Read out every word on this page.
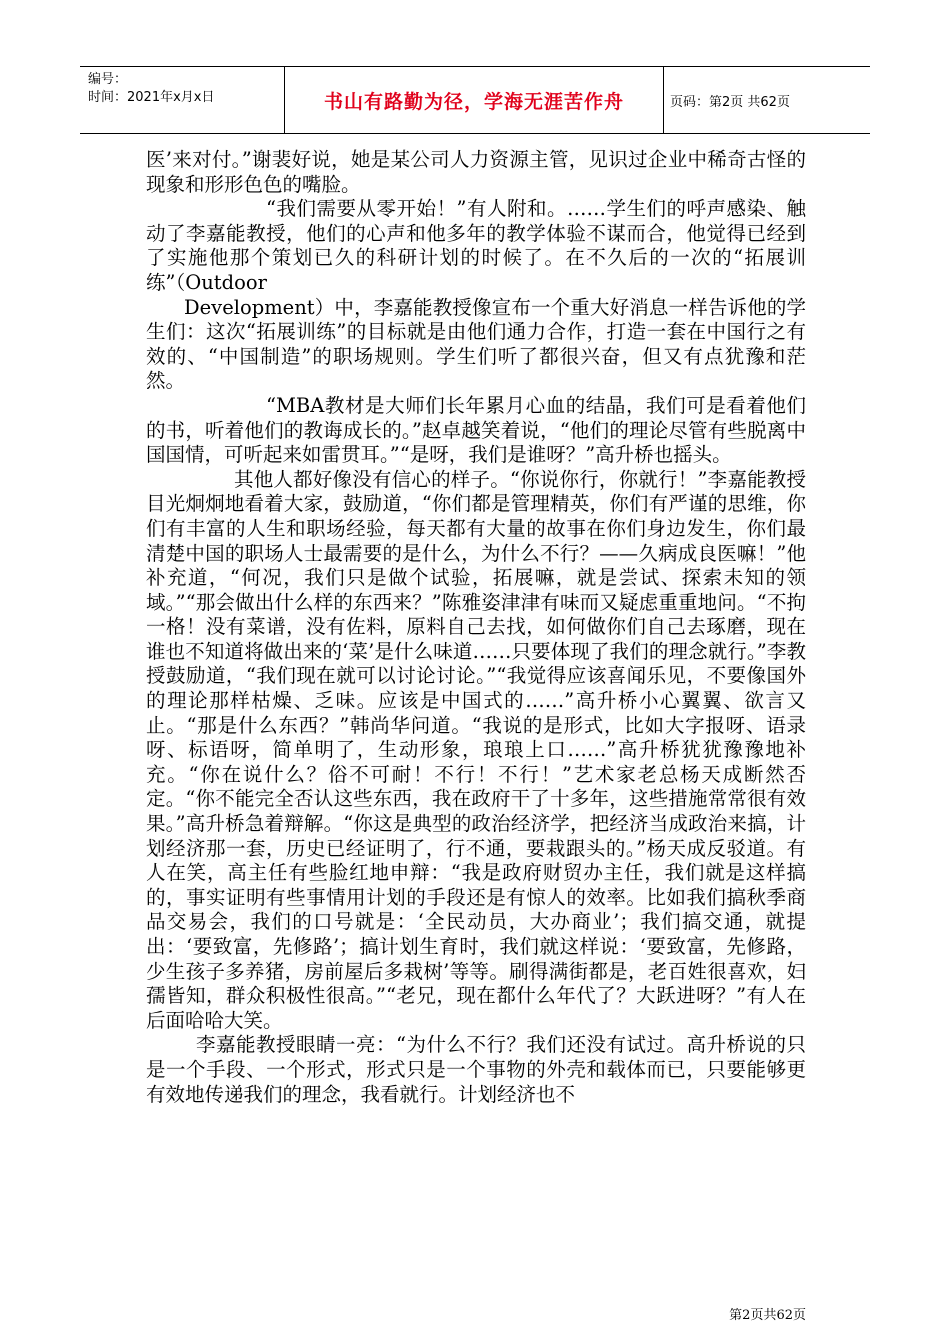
编号：
时间：2021年x月x日	书山有路勤为径，学海无涯苦作舟	页码：第2页 共62页

医’来对付。”谢裴好说，她是某公司人力资源主管，见识过企业中稀奇古怪的现象和形形色色的嘴脸。

“我们需要从零开始！”有人附和。……学生们的呼声感染、触动了李嘉能教授，他们的心声和他多年的教学体验不谋而合，他觉得已经到了实施他那个策划已久的科研计划的时候了。在不久后的一次的“拓展训练”（Outdoor

Development）中，李嘉能教授像宣布一个重大好消息一样告诉他的学生们：这次“拓展训练”的目标就是由他们通力合作，打造一套在中国行之有效的、“中国制造”的职场规则。学生们听了都很兴奋，但又有点犹豫和茫然。

“MBA教材是大师们长年累月心血的结晶，我们可是看着他们的书，听着他们的教诲成长的。”赵卓越笑着说，“他们的理论尽管有些脱离中国国情，可听起来如雷贯耳。”“是呀，我们是谁呀？”高升桥也摇头。

其他人都好像没有信心的样子。“你说你行，你就行！”李嘉能教授目光炯炯地看着大家，鼓励道，“你们都是管理精英，你们有严谨的思维，你们有丰富的人生和职场经验，每天都有大量的故事在你们身边发生，你们最清楚中国的职场人士最需要的是什么，为什么不行？——久病成良医嘛！”他补充道，“何况，我们只是做个试验，拓展嘛，就是尝试、探索未知的领域。”“那会做出什么样的东西来？”陈雅姿津津有味而又疑虑重重地问。“不拘一格！没有菜谱，没有佐料，原料自己去找，如何做你们自己去琢磨，现在谁也不知道将做出来的‘菜’是什么味道……只要体现了我们的理念就行。”李教授鼓励道，“我们现在就可以讨论讨论。”“我觉得应该喜闻乐见，不要像国外的理论那样枯燥、乏味。应该是中国式的……”高升桥小心翼翼、欲言又止。“那是什么东西？”韩尚华问道。“我说的是形式，比如大字报呀、语录呀、标语呀，简单明了，生动形象，琅琅上口……”高升桥犹犹豫豫地补充。“你在说什么？俗不可耐！不行！不行！”艺术家老总杨天成断然否定。“你不能完全否认这些东西，我在政府干了十多年，这些措施常常很有效果。”高升桥急着辩解。“你这是典型的政治经济学，把经济当成政治来搞，计划经济那一套，历史已经证明了，行不通，要栽跟头的。”杨天成反驳道。有人在笑，高主任有些脸红地申辩：“我是政府财贸办主任，我们就是这样搞的，事实证明有些事情用计划的手段还是有惊人的效率。比如我们搞秋季商品交易会，我们的口号就是：‘全民动员，大办商业’；我们搞交通，就提出：‘要致富，先修路’；搞计划生育时，我们就这样说：‘要致富，先修路，少生孩子多养猪，房前屋后多栽树’等等。刷得满街都是，老百姓很喜欢，妇孺皆知，群众积极性很高。”“老兄，现在都什么年代了？大跃进呀？”有人在后面哈哈大笑。

李嘉能教授眼睛一亮：“为什么不行？我们还没有试过。高升桥说的只是一个手段、一个形式，形式只是一个事物的外壳和载体而已，只要能够更有效地传递我们的理念，我看就行。计划经济也不

第2页共62页
